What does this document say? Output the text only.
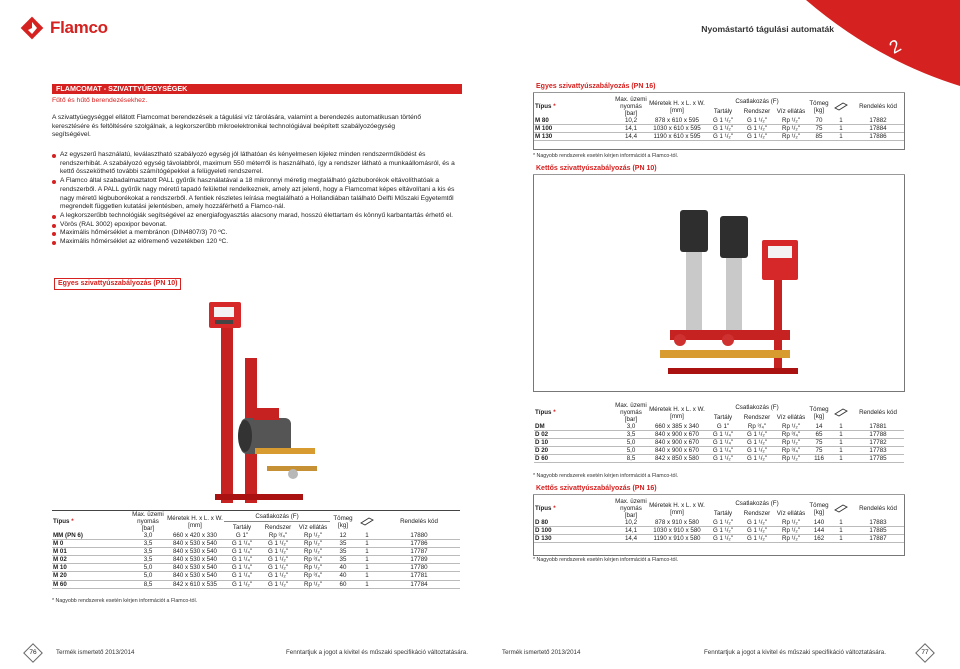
Flamco	Nyomástartó tágulási automaták
2
FLAMCOMAT - SZIVATTYÚEGYSÉGEK
Fűtő és hűtő berendezésekhez.
A szivattyúegységgel ellátott Flamcomat berendezések a tágulási víz tárolására, valamint a berendezés automatikusan történő keresztésére és feltöltésére szolgálnak, a legkorszerűbb mikroelektronikai technológiával beépített szabályozóegység segítségével.
Az egyszerű használatú, leválasztható szabályozó egység jól láthatóan és kényelmesen kijelez minden rendszerműködést és rendszerhibát. A szabályozó egység távolabbról, maximum 550 méterről is használható, így a rendszer látható a munkaállomásról, és a kettő összeköthető további számítógépekkel a felügyeleti rendszerrel.
A Flamco által szabadalmaztatott PALL gyűrűk használatával a 18 mikronnyi méretig megtalálható gázbuborékok eltávolíthatóak a rendszerből. A PALL gyűrűk nagy méretű tapadó felülettel rendelkeznek, amely azt jelenti, hogy a Flamcomat képes eltávolítani a kis és nagy méretű légbuborékokat a rendszerből. A fentiek részletes leírása megtalálható a Hollandiában található Delfti Műszaki Egyetemtől megrendelt független kutatási jelentésben, amely hozzáférhető a Flamco-nál.
A legkorszerűbb technológiák segítségével az energiafogyasztás alacsony marad, hosszú élettartam és könnyű karbantartás érhető el.
Vörös (RAL 3002) epoxipor bevonat.
Maximális hőmérséklet a membránon (DIN4807/3) 70 ºC.
Maximális hőmérséklet az előremenő vezetékben 120 ºC.
Egyes szivattyúszabályozás (PN 10)
Típus *	Max. üzemi nyomás [bar]	Méretek H. x L. x W. [mm]	Csatlakozás (F)			Tömeg [kg]		Rendelés kód
			Tartály	Rendszer	Víz ellátás			
MM (PN 6)	3,0	660 x 420 x 330	G 1"	Rp ³/₄"	Rp ¹/₂"	12	1	17880
M 0	3,5	840 x 530 x 540	G 1 ¹/₄"	G 1 ¹/₂"	Rp ¹/₂"	35	1	17786
M 01	3,5	840 x 530 x 540	G 1 ¹/₄"	G 1 ¹/₂"	Rp ¹/₂"	35	1	17787
M 02	3,5	840 x 530 x 540	G 1 ¹/₄"	G 1 ¹/₂"	Rp ³/₄"	35	1	17789
M 10	5,0	840 x 530 x 540	G 1 ¹/₄"	G 1 ¹/₂"	Rp ¹/₂"	40	1	17780
M 20	5,0	840 x 530 x 540	G 1 ¹/₄"	G 1 ¹/₂"	Rp ³/₄"	40	1	17781
M 60	8,5	842 x 610 x 535	G 1 ¹/₂"	G 1 ¹/₂"	Rp ¹/₂"	60	1	17784
* Nagyobb rendszerek esetén kérjen információt a Flamco-tól.
Egyes szivattyúszabályozás (PN 16)
Típus *	Max. üzemi nyomás [bar]	Méretek H. x L. x W. [mm]	Csatlakozás (F)			Tömeg [kg]		Rendelés kód
			Tartály	Rendszer	Víz ellátás			
M 80	10,2	878 x 610 x 595	G 1 ¹/₂"	G 1 ¹/₂"	Rp ¹/₂"	70	1	17882
M 100	14,1	1030 x 610 x 595	G 1 ¹/₂"	G 1 ¹/₂"	Rp ¹/₂"	75	1	17884
M 130	14,4	1190 x 610 x 595	G 1 ¹/₂"	G 1 ¹/₂"	Rp ¹/₂"	85	1	17886
* Nagyobb rendszerek esetén kérjen információt a Flamco-tól.
Kettős szivattyúszabályozás (PN 10)
Típus *	Max. üzemi nyomás [bar]	Méretek H. x L. x W. [mm]	Csatlakozás (F)			Tömeg [kg]		Rendelés kód
			Tartály	Rendszer	Víz ellátás			
DM	3,0	660 x 385 x 340	G 1"	Rp ³/₄"	Rp ¹/₂"	14	1	17881
D 02	3,5	840 x 900 x 670	G 1 ¹/₄"	G 1 ¹/₂"	Rp ³/₄"	65	1	17788
D 10	5,0	840 x 900 x 670	G 1 ¹/₄"	G 1 ¹/₂"	Rp ¹/₂"	75	1	17782
D 20	5,0	840 x 900 x 670	G 1 ¹/₄"	G 1 ¹/₂"	Rp ³/₄"	75	1	17783
D 60	8,5	842 x 850 x 580	G 1 ¹/₂"	G 1 ¹/₂"	Rp ¹/₂"	116	1	17785
* Nagyobb rendszerek esetén kérjen információt a Flamco-tól.
Kettős szivattyúszabályozás (PN 16)
Típus *	Max. üzemi nyomás [bar]	Méretek H. x L. x W. [mm]	Csatlakozás (F)			Tömeg [kg]		Rendelés kód
			Tartály	Rendszer	Víz ellátás			
D 80	10,2	878 x 910 x 580	G 1 ¹/₂"	G 1 ¹/₂"	Rp ¹/₂"	140	1	17883
D 100	14,1	1030 x 910 x 580	G 1 ¹/₂"	G 1 ¹/₂"	Rp ¹/₂"	144	1	17885
D 130	14,4	1190 x 910 x 580	G 1 ¹/₂"	G 1 ¹/₂"	Rp ¹/₂"	162	1	17887
* Nagyobb rendszerek esetén kérjen információt a Flamco-tól.
76	Termék ismertető 2013/2014	Fenntartjuk a jogot a kivitel és műszaki specifikáció változtatására.	Termék ismertető 2013/2014	Fenntartjuk a jogot a kivitel és műszaki specifikáció változtatására.	77
